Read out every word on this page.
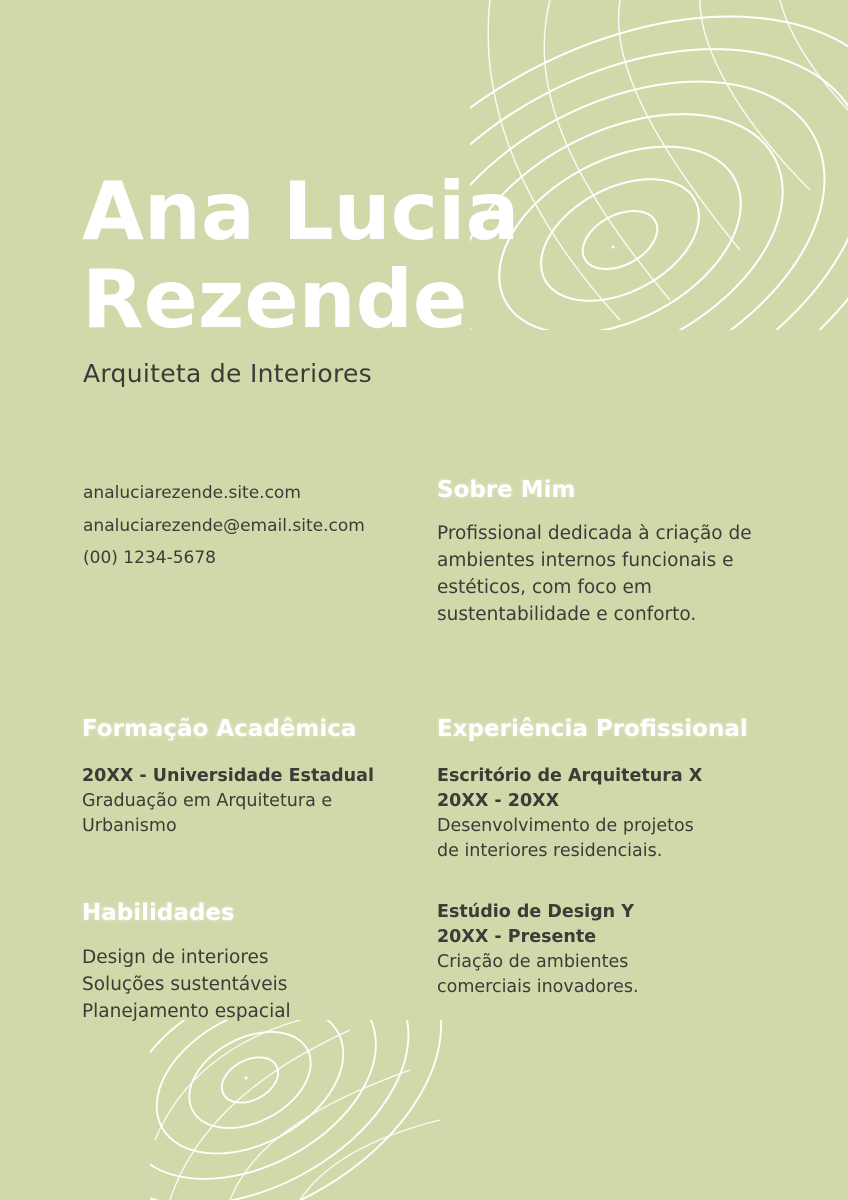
Ana Lucia
Rezende
Arquiteta de Interiores
analuciarezende.site.com
analuciarezende@email.site.com
(00) 1234-5678
Sobre Mim
Profissional dedicada à criação de ambientes internos funcionais e estéticos, com foco em sustentabilidade e conforto.
Formação Acadêmica
20XX - Universidade Estadual
Graduação em Arquitetura e
Urbanismo
Experiência Profissional
Escritório de Arquitetura X
20XX - 20XX
Desenvolvimento de projetos
de interiores residenciais.
Estúdio de Design Y
20XX - Presente
Criação de ambientes
comerciais inovadores.
Habilidades
Design de interiores
Soluções sustentáveis
Planejamento espacial
